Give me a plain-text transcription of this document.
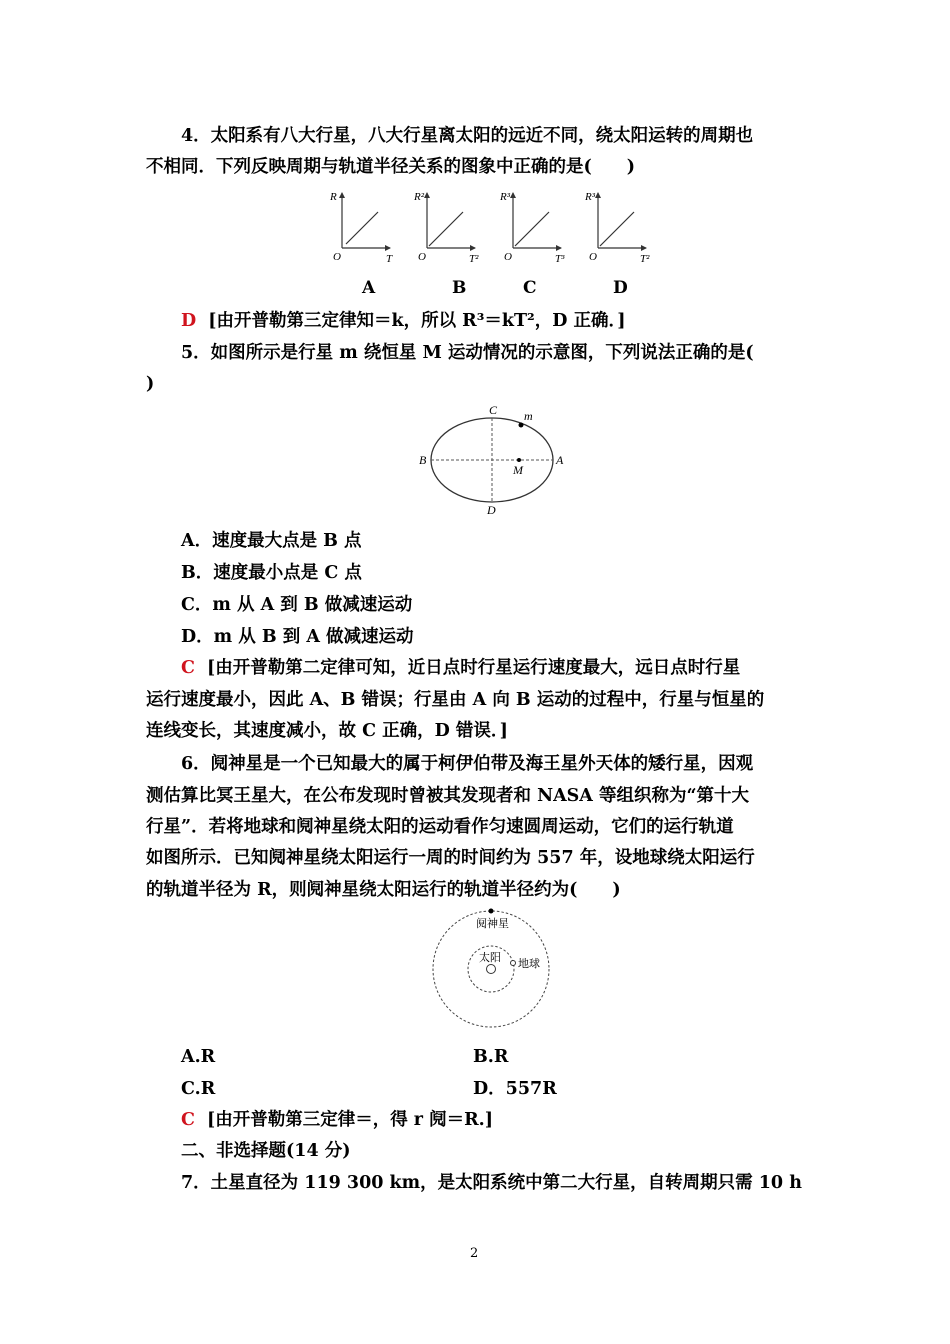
4．太阳系有八大行星，八大行星离太阳的远近不同，绕太阳运转的周期也
不相同．下列反映周期与轨道半径关系的图象中正确的是(　　)
R
T
O
R²
T²
O
R³
T³
O
R³
T²
O
A	B	C	D
D [由开普勒第三定律知＝k，所以 R³＝kT²，D 正确．]
5．如图所示是行星 m 绕恒星 M 运动情况的示意图，下列说法正确的是(
)
C
D
B	A
m
M
A．速度最大点是 B 点
B．速度最小点是 C 点
C．m 从 A 到 B 做减速运动
D．m 从 B 到 A 做减速运动
C [由开普勒第二定律可知，近日点时行星运行速度最大，远日点时行星
运行速度最小，因此 A、B 错误；行星由 A 向 B 运动的过程中，行星与恒星的
连线变长，其速度减小，故 C 正确，D 错误．]
6．阋神星是一个已知最大的属于柯伊伯带及海王星外天体的矮行星，因观
测估算比冥王星大，在公布发现时曾被其发现者和 NASA 等组织称为“第十大
行星”．若将地球和阋神星绕太阳的运动看作匀速圆周运动，它们的运行轨道
如图所示．已知阋神星绕太阳运行一周的时间约为 557 年，设地球绕太阳运行
的轨道半径为 R，则阋神星绕太阳运行的轨道半径约为(　　)
阋神星
太阳 地球
A.R	B.R
C.R	D．557R
C [由开普勒第三定律＝，得 r 阋＝R.]
二、非选择题(14 分)
7．土星直径为 119 300 km，是太阳系统中第二大行星，自转周期只需 10 h
2
